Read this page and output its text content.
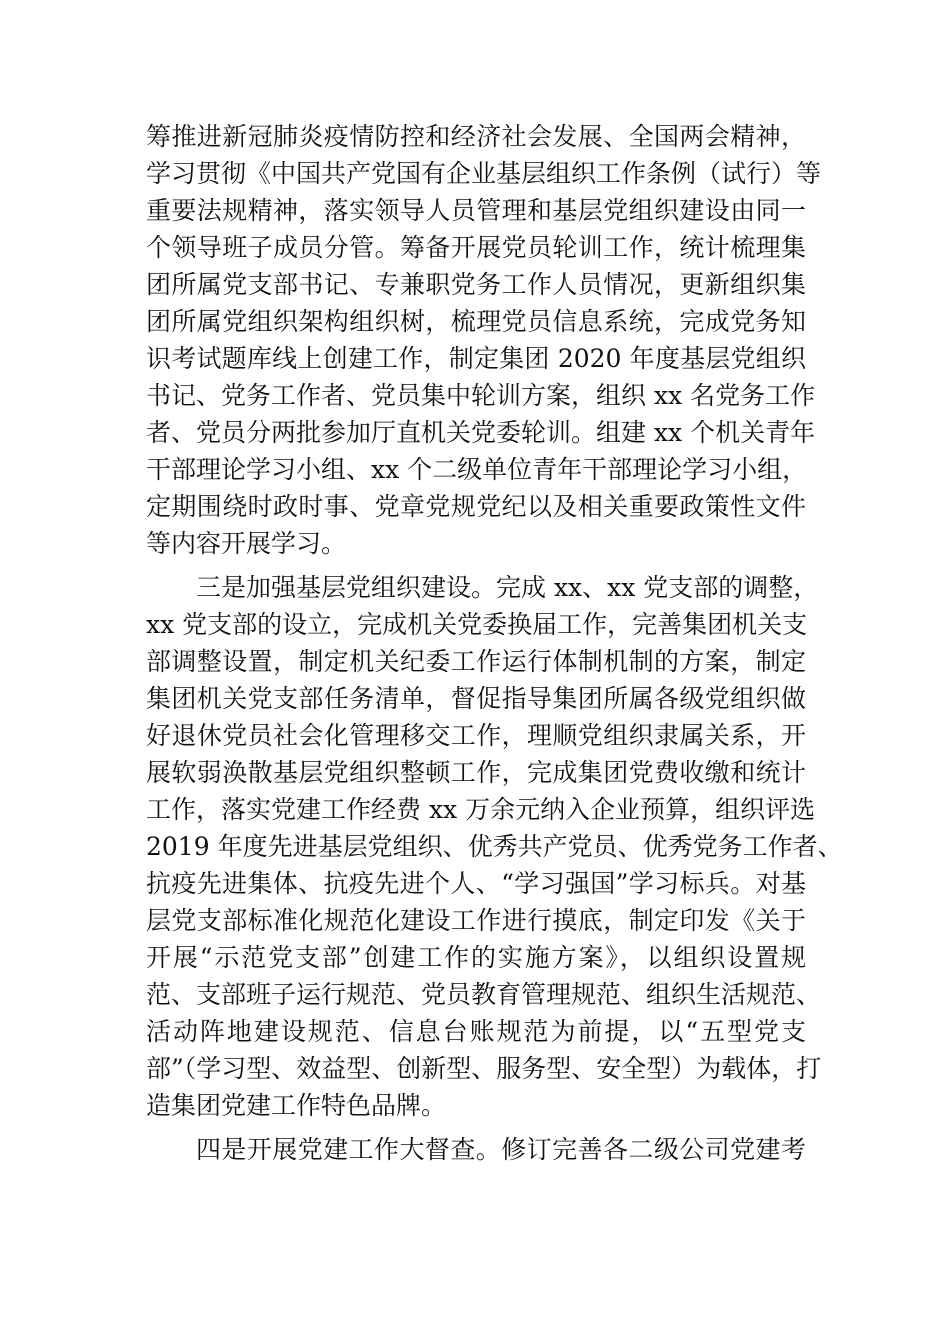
筹推进新冠肺炎疫情防控和经济社会发展、全国两会精神，
学习贯彻《中国共产党国有企业基层组织工作条例（试行）等
重要法规精神，落实领导人员管理和基层党组织建设由同一
个领导班子成员分管。筹备开展党员轮训工作，统计梳理集
团所属党支部书记、专兼职党务工作人员情况，更新组织集
团所属党组织架构组织树，梳理党员信息系统，完成党务知
识考试题库线上创建工作，制定集团 2020 年度基层党组织
书记、党务工作者、党员集中轮训方案，组织 xx 名党务工作
者、党员分两批参加厅直机关党委轮训。组建 xx 个机关青年
干部理论学习小组、xx 个二级单位青年干部理论学习小组，
定期围绕时政时事、党章党规党纪以及相关重要政策性文件
等内容开展学习。
三是加强基层党组织建设。完成 xx、xx 党支部的调整，
xx 党支部的设立，完成机关党委换届工作，完善集团机关支
部调整设置，制定机关纪委工作运行体制机制的方案，制定
集团机关党支部任务清单，督促指导集团所属各级党组织做
好退休党员社会化管理移交工作，理顺党组织隶属关系，开
展软弱涣散基层党组织整顿工作，完成集团党费收缴和统计
工作，落实党建工作经费 xx 万余元纳入企业预算，组织评选
2019 年度先进基层党组织、优秀共产党员、优秀党务工作者、
抗疫先进集体、抗疫先进个人、“学习强国”学习标兵。对基
层党支部标准化规范化建设工作进行摸底，制定印发《关于
开展“示范党支部”创建工作的实施方案》，以组织设置规
范、支部班子运行规范、党员教育管理规范、组织生活规范、
活动阵地建设规范、信息台账规范为前提，以“五型党支
部”（学习型、效益型、创新型、服务型、安全型）为载体，打
造集团党建工作特色品牌。
四是开展党建工作大督查。修订完善各二级公司党建考
